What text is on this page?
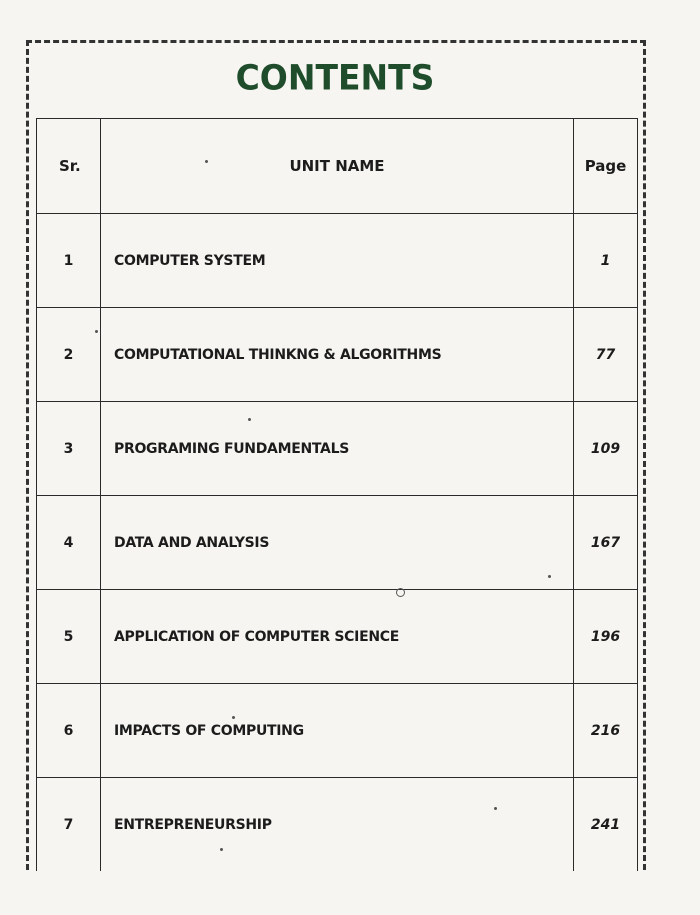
CONTENTS
Sr.	UNIT NAME	Page
1	COMPUTER SYSTEM	1
2	COMPUTATIONAL THINKNG & ALGORITHMS	77
3	PROGRAMING FUNDAMENTALS	109
4	DATA AND ANALYSIS	167
5	APPLICATION OF COMPUTER SCIENCE	196
6	IMPACTS OF COMPUTING	216
7	ENTREPRENEURSHIP	241
